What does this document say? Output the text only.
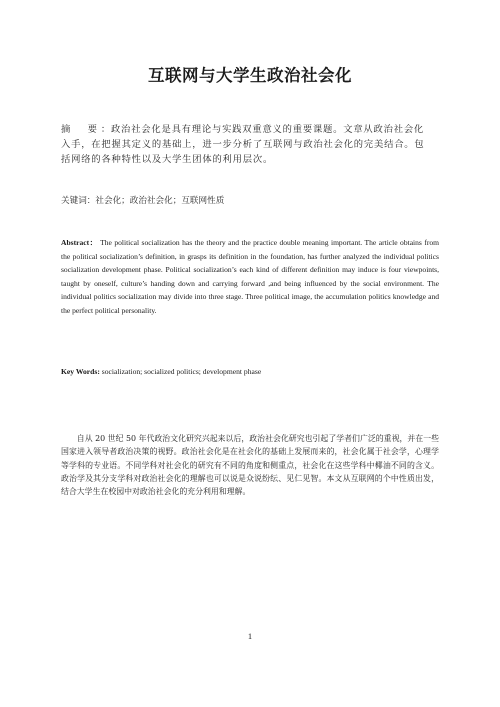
互联网与大学生政治社会化
摘　要：政治社会化是具有理论与实践双重意义的重要课题。文章从政治社会化入手，在把握其定义的基础上，进一步分析了互联网与政治社会化的完美结合。包括网络的各种特性以及大学生团体的利用层次。
关键词：社会化；政治社会化；互联网性质
Abstract： The political socialization has the theory and the practice double meaning important. The article obtains from the political socialization’s definition, in grasps its definition in the foundation, has further analyzed the individual politics socialization development phase. Political socialization’s each kind of different definition may induce is four viewpoints, taught by oneself, culture’s handing down and carrying forward ,and being influenced by the social environment. The individual politics socialization may divide into three stage. Three political image, the accumulation politics knowledge and the perfect political personality.
Key Words: socialization; socialized politics; development phase
自从 20 世纪 50 年代政治文化研究兴起来以后，政治社会化研究也引起了学者们广泛的重视，并在一些国家进入领导者政治决策的视野。政治社会化是在社会化的基础上发展而来的，社会化属于社会学，心理学等学科的专业语。不同学科对社会化的研究有不同的角度和侧重点，社会化在这些学科中椰油不同的含义。政治学及其分支学科对政治社会化的理解也可以说是众说纷纭、见仁见智。本文从互联网的个中性质出发，结合大学生在校园中对政治社会化的充分利用和理解。
1
